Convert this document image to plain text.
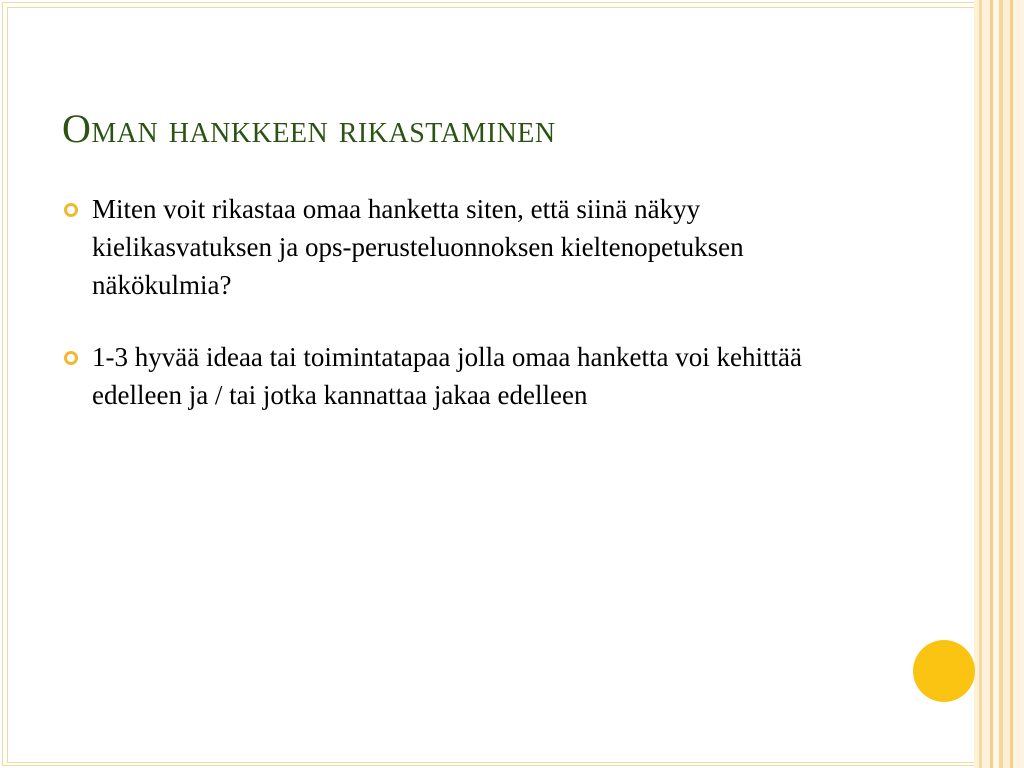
Oman hankkeen rikastaminen
Miten voit rikastaa omaa hanketta siten, että siinä näkyy kielikasvatuksen ja ops-perusteluonnoksen kieltenopetuksen näkökulmia?
1-3 hyvää ideaa tai toimintatapaa jolla omaa hanketta voi kehittää edelleen ja / tai jotka kannattaa jakaa edelleen
